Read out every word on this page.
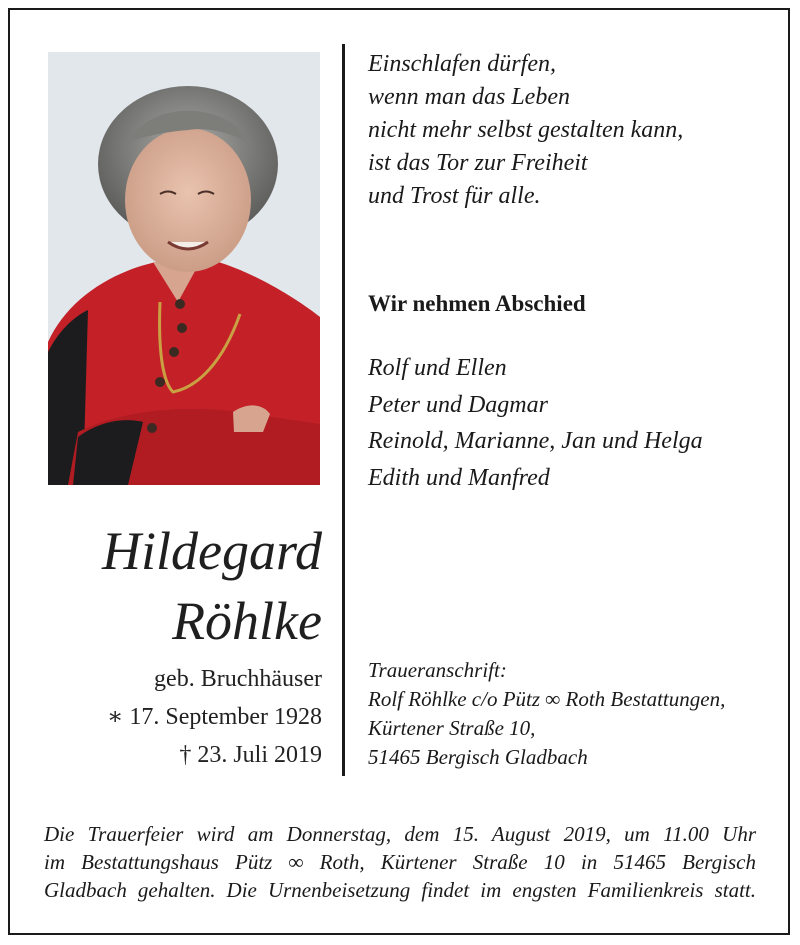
Einschlafen dürfen,
wenn man das Leben
nicht mehr selbst gestalten kann,
ist das Tor zur Freiheit
und Trost für alle.
Wir nehmen Abschied
Rolf und Ellen
Peter und Dagmar
Reinold, Marianne, Jan und Helga
Edith und Manfred
Hildegard
Röhlke
geb. Bruchhäuser
∗ 17. September 1928
† 23. Juli 2019
Traueranschrift:
Rolf Röhlke c/o Pütz ∞ Roth Bestattungen,
Kürtener Straße 10,
51465 Bergisch Gladbach
Die Trauerfeier wird am Donnerstag, dem 15. August 2019, um 11.00 Uhr
im Bestattungshaus Pütz ∞ Roth, Kürtener Straße 10 in 51465 Bergisch
Gladbach gehalten. Die Urnenbeisetzung findet im engsten Familienkreis statt.
